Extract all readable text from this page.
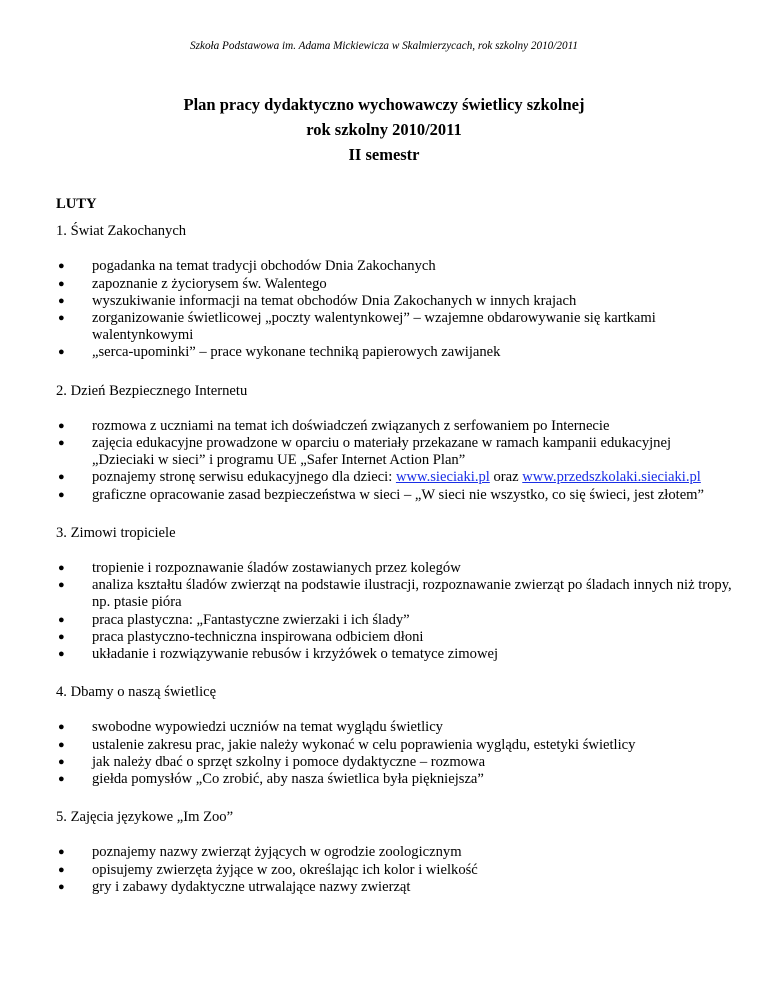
Szkoła Podstawowa im. Adama Mickiewicza w Skalmierzycach, rok szkolny 2010/2011
Plan pracy dydaktyczno wychowawczy świetlicy szkolnej
rok szkolny 2010/2011
II semestr
LUTY
1. Świat Zakochanych
● pogadanka na temat tradycji obchodów Dnia Zakochanych
● zapoznanie z życiorysem św. Walentego
● wyszukiwanie informacji na temat obchodów Dnia Zakochanych w innych krajach
● zorganizowanie świetlicowej „poczty walentynkowej” – wzajemne obdarowywanie się kartkami walentynkowymi
● „serca-upominki” – prace wykonane techniką papierowych zawijanek
2. Dzień Bezpiecznego Internetu
● rozmowa z uczniami na temat ich doświadczeń związanych z serfowaniem po Internecie
● zajęcia edukacyjne prowadzone w oparciu o materiały przekazane w ramach kampanii edukacyjnej „Dzieciaki w sieci” i programu UE „Safer Internet Action Plan”
● poznajemy stronę serwisu edukacyjnego dla dzieci: www.sieciaki.pl oraz www.przedszkolaki.sieciaki.pl
● graficzne opracowanie zasad bezpieczeństwa w sieci – „W sieci nie wszystko, co się świeci, jest złotem”
3. Zimowi tropiciele
● tropienie i rozpoznawanie śladów zostawianych przez kolegów
● analiza kształtu śladów zwierząt na podstawie ilustracji, rozpoznawanie zwierząt po śladach innych niż tropy, np. ptasie pióra
● praca plastyczna: „Fantastyczne zwierzaki i ich ślady”
● praca plastyczno-techniczna inspirowana odbiciem dłoni
● układanie i rozwiązywanie rebusów i krzyżówek o tematyce zimowej
4. Dbamy o naszą świetlicę
● swobodne wypowiedzi uczniów na temat wyglądu świetlicy
● ustalenie zakresu prac, jakie należy wykonać w celu poprawienia wyglądu, estetyki świetlicy
● jak należy dbać o sprzęt szkolny i pomoce dydaktyczne – rozmowa
● giełda pomysłów „Co zrobić, aby nasza świetlica była piękniejsza”
5. Zajęcia językowe „Im Zoo”
● poznajemy nazwy zwierząt żyjących w ogrodzie zoologicznym
● opisujemy zwierzęta żyjące w zoo, określając ich kolor i wielkość
● gry i zabawy dydaktyczne utrwalające nazwy zwierząt
